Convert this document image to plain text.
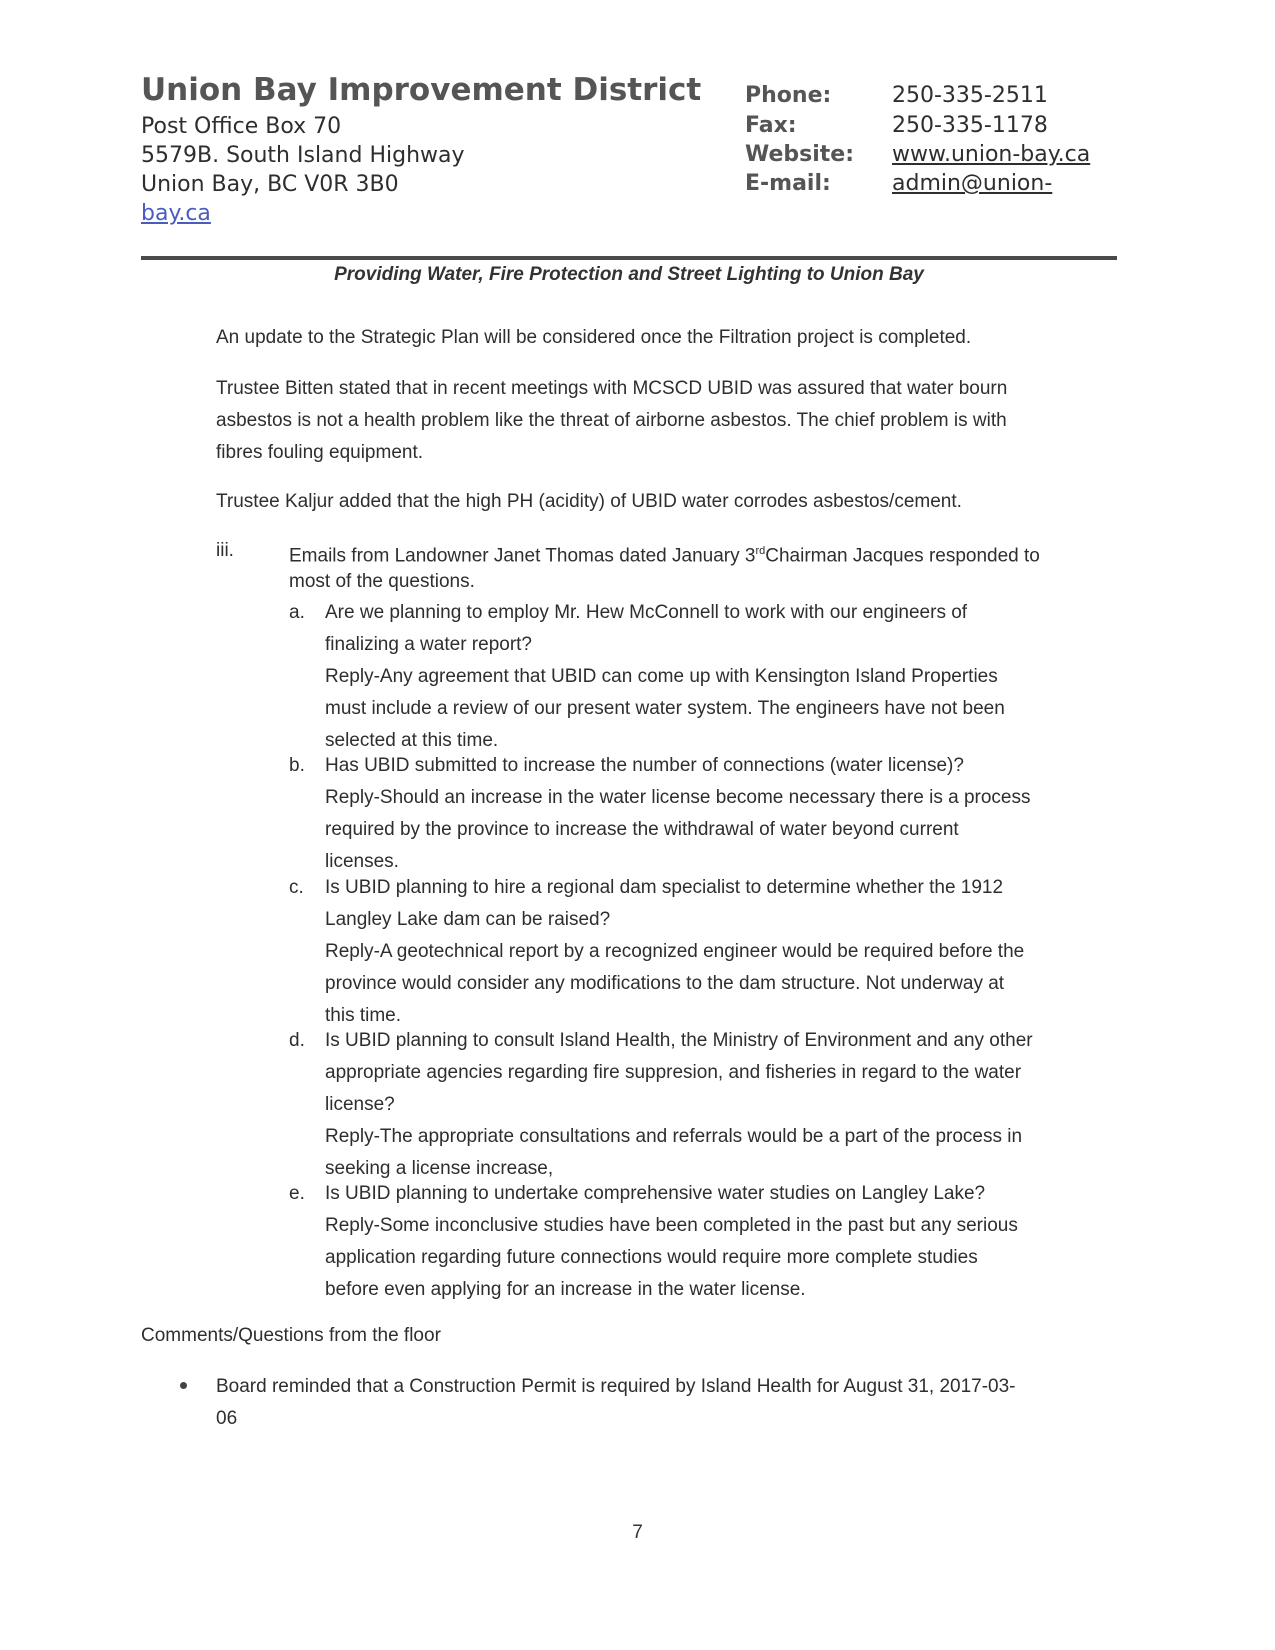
Union Bay Improvement District
Post Office Box 70
5579B. South Island Highway
Union Bay, BC V0R 3B0
bay.ca
Phone:	250-335-2511
Fax:	250-335-1178
Website: www.union-bay.ca
E-mail:	admin@union-
Providing Water, Fire Protection and Street Lighting to Union Bay
An update to the Strategic Plan will be considered once the Filtration project is completed.
Trustee Bitten stated that in recent meetings with MCSCD UBID was assured that water bourn
asbestos is not a health problem like the threat of airborne asbestos. The chief problem is with
fibres fouling equipment.
Trustee Kaljur added that the high PH (acidity) of UBID water corrodes asbestos/cement.
iii.	Emails from Landowner Janet Thomas dated January 3rdChairman Jacques responded to
most of the questions.
a. Are we planning to employ Mr. Hew McConnell to work with our engineers of
finalizing a water report?
Reply-Any agreement that UBID can come up with Kensington Island Properties
must include a review of our present water system. The engineers have not been
selected at this time.
b. Has UBID submitted to increase the number of connections (water license)?
Reply-Should an increase in the water license become necessary there is a process
required by the province to increase the withdrawal of water beyond current
licenses.
c. Is UBID planning to hire a regional dam specialist to determine whether the 1912
Langley Lake dam can be raised?
Reply-A geotechnical report by a recognized engineer would be required before the
province would consider any modifications to the dam structure. Not underway at
this time.
d. Is UBID planning to consult Island Health, the Ministry of Environment and any other
appropriate agencies regarding fire suppresion, and fisheries in regard to the water
license?
Reply-The appropriate consultations and referrals would be a part of the process in
seeking a license increase,
e. Is UBID planning to undertake comprehensive water studies on Langley Lake?
Reply-Some inconclusive studies have been completed in the past but any serious
application regarding future connections would require more complete studies
before even applying for an increase in the water license.
Comments/Questions from the floor
Board reminded that a Construction Permit is required by Island Health for August 31, 2017-03-
06
7
